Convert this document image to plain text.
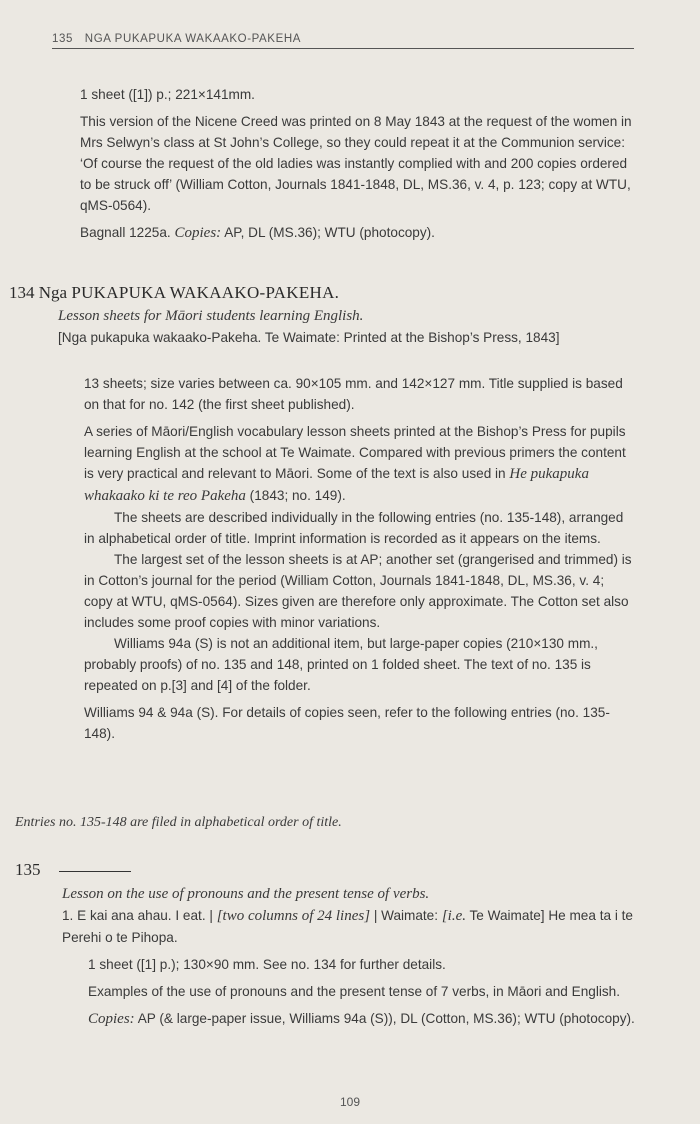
135 NGA PUKAPUKA WAKAAKO-PAKEHA

1 sheet ([1]) p.; 221×141mm.

This version of the Nicene Creed was printed on 8 May 1843 at the request of the women in Mrs Selwyn’s class at St John’s College, so they could repeat it at the Communion service: ‘Of course the request of the old ladies was instantly complied with and 200 copies ordered to be struck off’ (William Cotton, Journals 1841-1848, DL, MS.36, v. 4, p. 123; copy at WTU, qMS-0564).

Bagnall 1225a. Copies: AP, DL (MS.36); WTU (photocopy).

134 Nga PUKAPUKA WAKAAKO-PAKEHA.

Lesson sheets for Māori students learning English.

[Nga pukapuka wakaako-Pakeha. Te Waimate: Printed at the Bishop’s Press, 1843]

13 sheets; size varies between ca. 90×105 mm. and 142×127 mm. Title supplied is based on that for no. 142 (the first sheet published).

A series of Māori/English vocabulary lesson sheets printed at the Bishop’s Press for pupils learning English at the school at Te Waimate. Compared with previous primers the content is very practical and relevant to Māori. Some of the text is also used in He pukapuka whakaako ki te reo Pakeha (1843; no. 149).

The sheets are described individually in the following entries (no. 135-148), arranged in alphabetical order of title. Imprint information is recorded as it appears on the items.

The largest set of the lesson sheets is at AP; another set (grangerised and trimmed) is in Cotton’s journal for the period (William Cotton, Journals 1841-1848, DL, MS.36, v. 4; copy at WTU, qMS-0564). Sizes given are therefore only approximate. The Cotton set also includes some proof copies with minor variations.

Williams 94a (S) is not an additional item, but large-paper copies (210×130 mm., probably proofs) of no. 135 and 148, printed on 1 folded sheet. The text of no. 135 is repeated on p.[3] and [4] of the folder.

Williams 94 & 94a (S). For details of copies seen, refer to the following entries (no. 135-148).

Entries no. 135-148 are filed in alphabetical order of title.
135

Lesson on the use of pronouns and the present tense of verbs.

1. E kai ana ahau. I eat. | [two columns of 24 lines] | Waimate: [i.e. Te Waimate] He mea ta i te Perehi o te Pihopa.

1 sheet ([1] p.); 130×90 mm. See no. 134 for further details.

Examples of the use of pronouns and the present tense of 7 verbs, in Māori and English.

Copies: AP (& large-paper issue, Williams 94a (S)), DL (Cotton, MS.36); WTU (photocopy).

109
